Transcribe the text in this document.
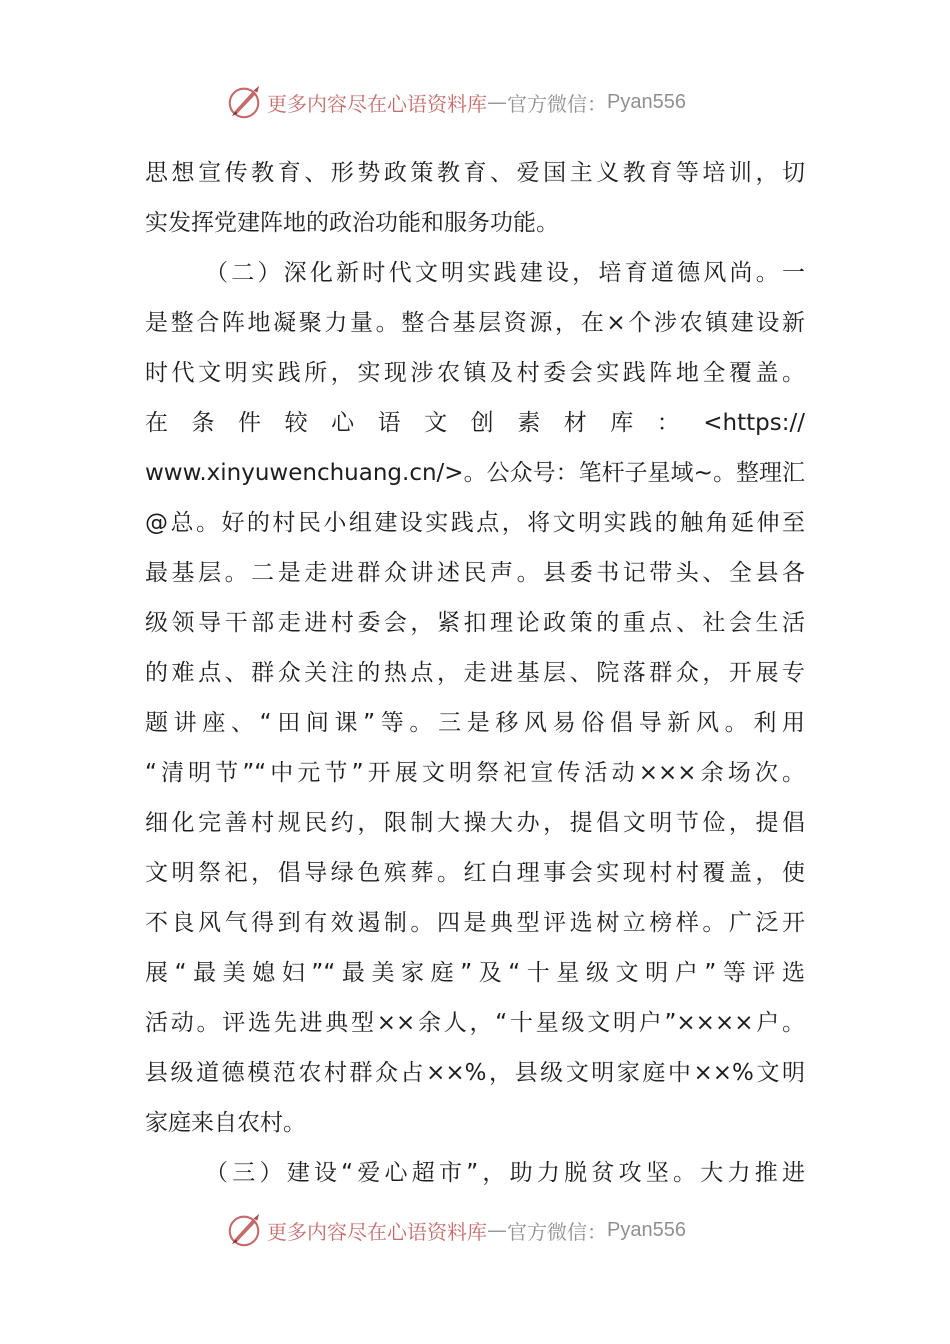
更多内容尽在心语资料库 — 官方微信： Pyan556
思想宣传教育、形势政策教育、爱国主义教育等培训，切
实发挥党建阵地的政治功能和服务功能。
（二）深化新时代文明实践建设，培育道德风尚。一
是整合阵地凝聚力量。整合基层资源，在×个涉农镇建设新
时代文明实践所，实现涉农镇及村委会实践阵地全覆盖。
在条件较心语文创素材库：<https://
www.xinyuwenchuang.cn/>。公众号：笔杆子星域~。整理汇
@总。好的村民小组建设实践点，将文明实践的触角延伸至
最基层。二是走进群众讲述民声。县委书记带头、全县各
级领导干部走进村委会，紧扣理论政策的重点、社会生活
的难点、群众关注的热点，走进基层、院落群众，开展专
题讲座、“田间课”等。三是移风易俗倡导新风。利用
“清明节”“中元节”开展文明祭祀宣传活动×××余场次。
细化完善村规民约，限制大操大办，提倡文明节俭，提倡
文明祭祀，倡导绿色殡葬。红白理事会实现村村覆盖，使
不良风气得到有效遏制。四是典型评选树立榜样。广泛开
展“最美媳妇”“最美家庭”及“十星级文明户”等评选
活动。评选先进典型××余人，“十星级文明户”××××户。
县级道德模范农村群众占××%，县级文明家庭中××%文明
家庭来自农村。
（三）建设“爱心超市”，助力脱贫攻坚。大力推进
更多内容尽在心语资料库 — 官方微信： Pyan556
